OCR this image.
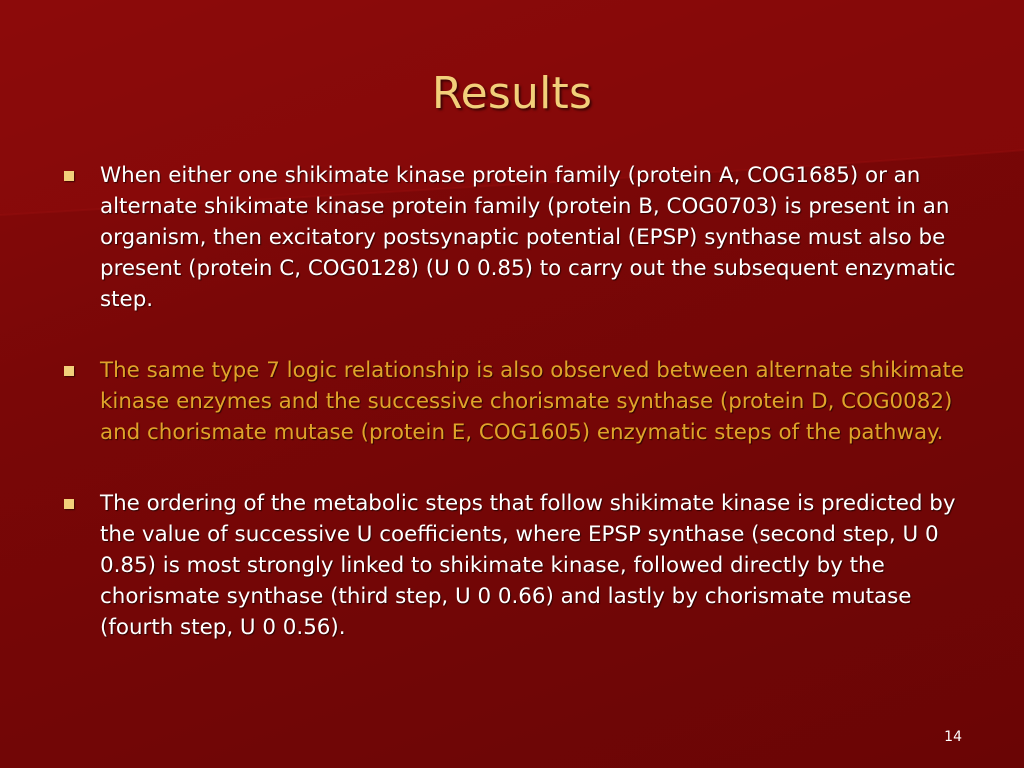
Results
When either one shikimate kinase protein family (protein A, COG1685) or an alternate shikimate kinase protein family (protein B, COG0703) is present in an organism, then excitatory postsynaptic potential (EPSP) synthase must also be present (protein C, COG0128) (U 0 0.85) to carry out the subsequent enzymatic step.
The same type 7 logic relationship is also observed between alternate shikimate kinase enzymes and the successive chorismate synthase (protein D, COG0082) and chorismate mutase (protein E, COG1605) enzymatic steps of the pathway.
The ordering of the metabolic steps that follow shikimate kinase is predicted by the value of successive U coefficients, where EPSP synthase (second step, U 0 0.85) is most strongly linked to shikimate kinase, followed directly by the chorismate synthase (third step, U 0 0.66) and lastly by chorismate mutase (fourth step, U 0 0.56).
14
